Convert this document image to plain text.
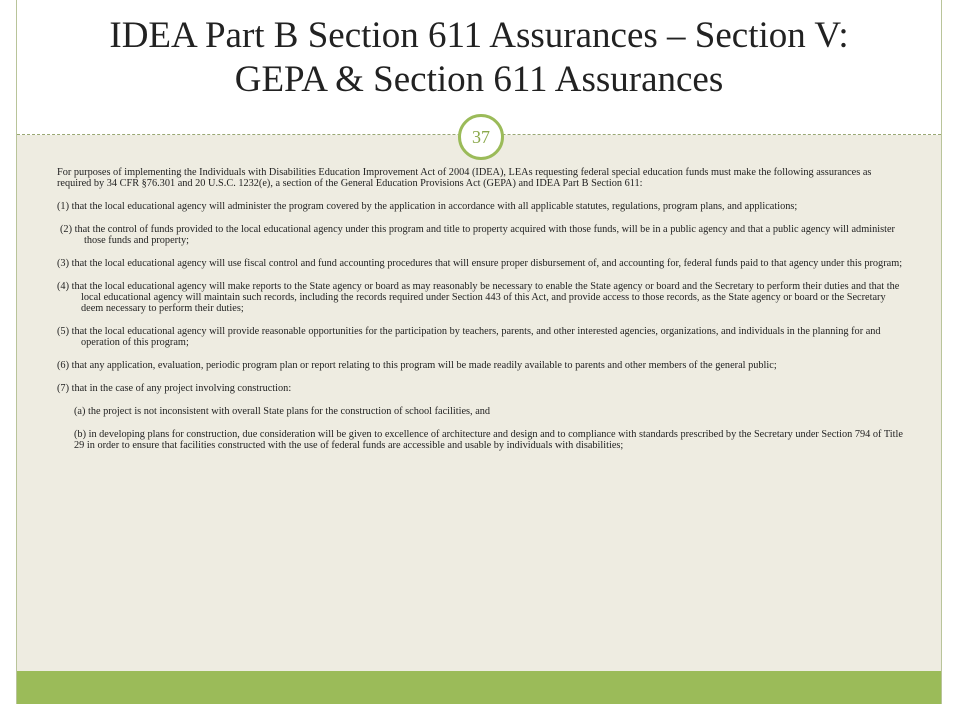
IDEA Part B Section 611 Assurances – Section V:
GEPA & Section 611 Assurances
37

For purposes of implementing the Individuals with Disabilities Education Improvement Act of 2004 (IDEA), LEAs requesting federal special education funds must make the following assurances as required by 34 CFR §76.301 and 20 U.S.C. 1232(e), a section of the General Education Provisions Act (GEPA) and IDEA Part B Section 611:

(1) that the local educational agency will administer the program covered by the application in accordance with all applicable statutes, regulations, program plans, and applications;

(2) that the control of funds provided to the local educational agency under this program and title to property acquired with those funds, will be in a public agency and that a public agency will administer those funds and property;

(3) that the local educational agency will use fiscal control and fund accounting procedures that will ensure proper disbursement of, and accounting for, federal funds paid to that agency under this program;

(4) that the local educational agency will make reports to the State agency or board as may reasonably be necessary to enable the State agency or board and the Secretary to perform their duties and that the local educational agency will maintain such records, including the records required under Section 443 of this Act, and provide access to those records, as the State agency or board or the Secretary deem necessary to perform their duties;

(5) that the local educational agency will provide reasonable opportunities for the participation by teachers, parents, and other interested agencies, organizations, and individuals in the planning for and operation of this program;

(6) that any application, evaluation, periodic program plan or report relating to this program will be made readily available to parents and other members of the general public;

(7) that in the case of any project involving construction:

(a) the project is not inconsistent with overall State plans for the construction of school facilities, and

(b) in developing plans for construction, due consideration will be given to excellence of architecture and design and to compliance with standards prescribed by the Secretary under Section 794 of Title 29 in order to ensure that facilities constructed with the use of federal funds are accessible and usable by individuals with disabilities;
